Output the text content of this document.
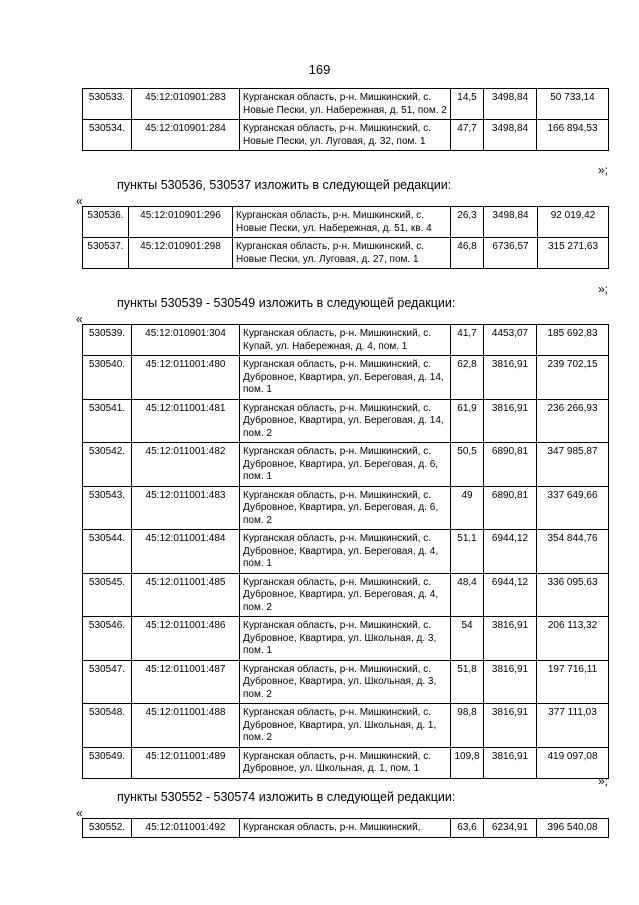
169
530533.	45:12:010901:283	Курганская область, р-н. Мишкинский, с. Новые Пески, ул. Набережная, д. 51, пом. 2	14,5	3498,84	50 733,14
530534.	45:12:010901:284	Курганская область, р-н. Мишкинский, с. Новые Пески, ул. Луговая, д. 32, пом. 1	47,7	3498,84	166 894,53
»;
пункты 530536, 530537 изложить в следующей редакции:
«
530536.	45:12:010901:296	Курганская область, р-н. Мишкинский, с. Новые Пески, ул. Набережная, д. 51, кв. 4	26,3	3498,84	92 019,42
530537.	45:12:010901:298	Курганская область, р-н. Мишкинский, с. Новые Пески, ул. Луговая, д. 27, пом. 1	46,8	6736,57	315 271,63
»;
пункты 530539 - 530549 изложить в следующей редакции:
«
530539.	45:12:010901:304	Курганская область, р-н. Мишкинский, с. Купай, ул. Набережная, д. 4, пом. 1	41,7	4453,07	185 692,83
530540.	45:12:011001:480	Курганская область, р-н. Мишкинский, с. Дубровное, Квартира, ул. Береговая, д. 14, пом. 1	62,8	3816,91	239 702,15
530541.	45:12:011001:481	Курганская область, р-н. Мишкинский, с. Дубровное, Квартира, ул. Береговая, д. 14, пом. 2	61,9	3816,91	236 266,93
530542.	45:12:011001:482	Курганская область, р-н. Мишкинский, с. Дубровное, Квартира, ул. Береговая, д. 6, пом. 1	50,5	6890,81	347 985,87
530543.	45:12:011001:483	Курганская область, р-н. Мишкинский, с. Дубровное, Квартира, ул. Береговая, д. 6, пом. 2	49	6890,81	337 649,66
530544.	45:12:011001:484	Курганская область, р-н. Мишкинский, с. Дубровное, Квартира, ул. Береговая, д. 4, пом. 1	51,1	6944,12	354 844,76
530545.	45:12:011001:485	Курганская область, р-н. Мишкинский, с. Дубровное, Квартира, ул. Береговая, д. 4, пом. 2	48,4	6944,12	336 095,63
530546.	45:12:011001:486	Курганская область, р-н. Мишкинский, с. Дубровное, Квартира, ул. Школьная, д. 3, пом. 1	54	3816,91	206 113,32
530547.	45:12:011001:487	Курганская область, р-н. Мишкинский, с. Дубровное, Квартира, ул. Школьная, д. 3, пом. 2	51,8	3816,91	197 716,11
530548.	45:12:011001:488	Курганская область, р-н. Мишкинский, с. Дубровное, Квартира, ул. Школьная, д. 1, пом. 2	98,8	3816,91	377 111,03
530549.	45:12:011001:489	Курганская область, р-н. Мишкинский, с. Дубровное, ул. Школьная, д. 1, пом. 1	109,8	3816,91	419 097,08
»;
пункты 530552 - 530574 изложить в следующей редакции:
«
530552.	45:12:011001:492	Курганская область, р-н. Мишкинский,	63,6	6234,91	396 540,08
